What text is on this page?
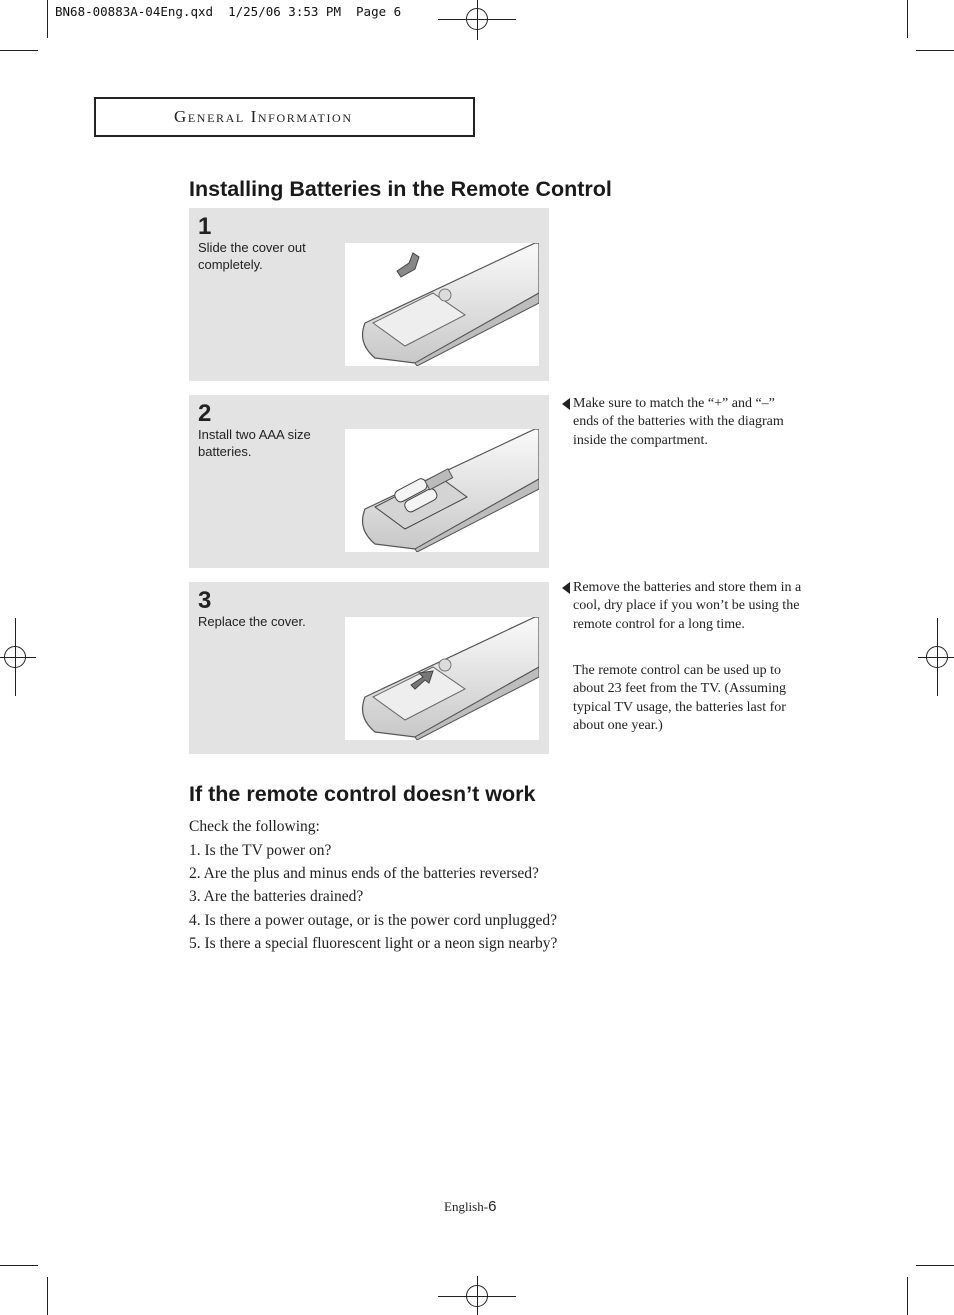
BN68-00883A-04Eng.qxd  1/25/06 3:53 PM  Page 6
General Information
Installing Batteries in the Remote Control
1
Slide the cover out completely.
2
Install two AAA size batteries.
3
Replace the cover.
Make sure to match the “+” and “–” ends of the batteries with the diagram inside the compartment.
Remove the batteries and store them in a cool, dry place if you won’t be using the remote control for a long time.
The remote control can be used up to about 23 feet from the TV. (Assuming typical TV usage, the batteries last for about one year.)
If the remote control doesn’t work
Check the following:
1. Is the TV power on?
2. Are the plus and minus ends of the batteries reversed?
3. Are the batteries drained?
4. Is there a power outage, or is the power cord unplugged?
5. Is there a special fluorescent light or a neon sign nearby?
English-6
